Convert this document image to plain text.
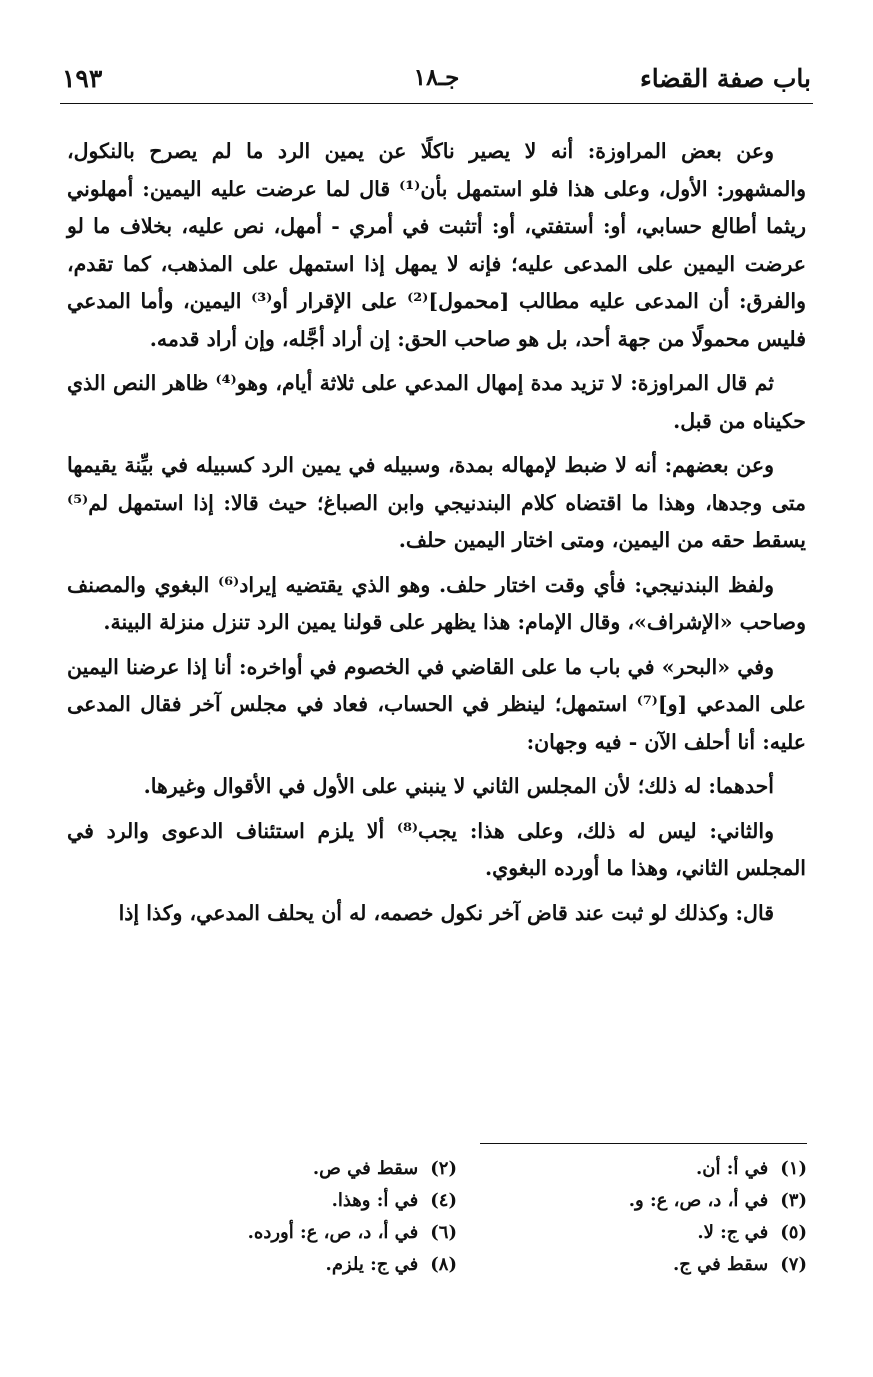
باب صفة القضاء
جـ١٨
١٩٣

وعن بعض المراوزة: أنه لا يصير ناكلًا عن يمين الرد ما لم يصرح بالنكول، والمشهور: الأول، وعلى هذا فلو استمهل بأن⁽¹⁾ قال لما عرضت عليه اليمين: أمهلوني ريثما أطالع حسابي، أو: أستفتي، أو: أتثبت في أمري - أمهل، نص عليه، بخلاف ما لو عرضت اليمين على المدعى عليه؛ فإنه لا يمهل إذا استمهل على المذهب، كما تقدم، والفرق: أن المدعى عليه مطالب [محمول]⁽²⁾ على الإقرار أو⁽³⁾ اليمين، وأما المدعي فليس محمولًا من جهة أحد، بل هو صاحب الحق: إن أراد أجَّله، وإن أراد قدمه.

ثم قال المراوزة: لا تزيد مدة إمهال المدعي على ثلاثة أيام، وهو⁽⁴⁾ ظاهر النص الذي حكيناه من قبل.

وعن بعضهم: أنه لا ضبط لإمهاله بمدة، وسبيله في يمين الرد كسبيله في بيِّنة يقيمها متى وجدها، وهذا ما اقتضاه كلام البندنيجي وابن الصباغ؛ حيث قالا: إذا استمهل لم⁽⁵⁾ يسقط حقه من اليمين، ومتى اختار اليمين حلف.

ولفظ البندنيجي: فأي وقت اختار حلف. وهو الذي يقتضيه إيراد⁽⁶⁾ البغوي والمصنف وصاحب «الإشراف»، وقال الإمام: هذا يظهر على قولنا يمين الرد تنزل منزلة البينة.

وفي «البحر» في باب ما على القاضي في الخصوم في أواخره: أنا إذا عرضنا اليمين على المدعي [و]⁽⁷⁾ استمهل؛ لينظر في الحساب، فعاد في مجلس آخر فقال المدعى عليه: أنا أحلف الآن - فيه وجهان:

أحدهما: له ذلك؛ لأن المجلس الثاني لا ينبني على الأول في الأقوال وغيرها.

والثاني: ليس له ذلك، وعلى هذا: يجب⁽⁸⁾ ألا يلزم استئناف الدعوى والرد في المجلس الثاني، وهذا ما أورده البغوي.

قال: وكذلك لو ثبت عند قاض آخر نكول خصمه، له أن يحلف المدعي، وكذا إذا

(١)في أ: أن.
(٢)سقط في ص.
(٣)في أ، د، ص، ع: و.
(٤)في أ: وهذا.
(٥)في ج: لا.
(٦)في أ، د، ص، ع: أورده.
(٧)سقط في ج.
(٨)في ج: يلزم.
